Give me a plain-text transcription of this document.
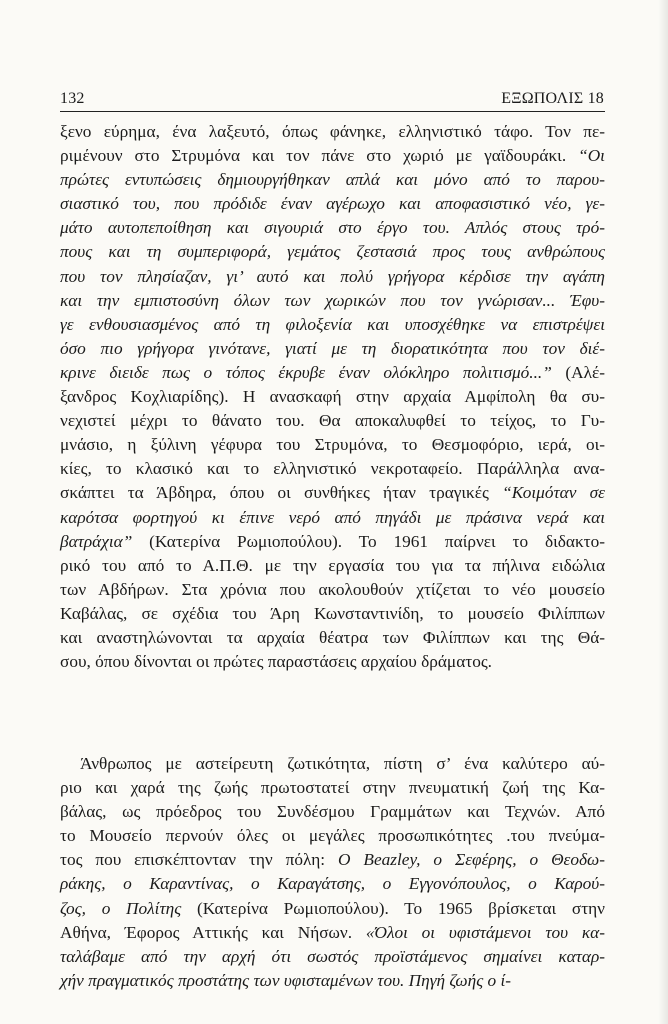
132	ΕΞΩΠΟΛΙΣ 18
ξενο εύρημα, ένα λαξευτό, όπως φάνηκε, ελληνιστικό τάφο. Τον πε-
ριμένουν στο Στρυμόνα και τον πάνε στο χωριό με γαϊδουράκι. “Οι
πρώτες εντυπώσεις δημιουργήθηκαν απλά και μόνο από το παρου-
σιαστικό του, που πρόδιδε έναν αγέρωχο και αποφασιστικό νέο, γε-
μάτο αυτοπεποίθηση και σιγουριά στο έργο του. Απλός στους τρό-
πους και τη συμπεριφορά, γεμάτος ζεστασιά προς τους ανθρώπους
που τον πλησίαζαν, γι’ αυτό και πολύ γρήγορα κέρδισε την αγάπη
και την εμπιστοσύνη όλων των χωρικών που τον γνώρισαν... Έφυ-
γε ενθουσιασμένος από τη φιλοξενία και υποσχέθηκε να επιστρέψει
όσο πιο γρήγορα γινότανε, γιατί με τη διορατικότητα που τον διέ-
κρινε διειδε πως ο τόπος έκρυβε έναν ολόκληρο πολιτισμό...” (Αλέ-
ξανδρος Κοχλιαρίδης). Η ανασκαφή στην αρχαία Αμφίπολη θα συ-
νεχιστεί μέχρι το θάνατο του. Θα αποκαλυφθεί το τείχος, το Γυ-
μνάσιο, η ξύλινη γέφυρα του Στρυμόνα, το Θεσμοφόριο, ιερά, οι-
κίες, το κλασικό και το ελληνιστικό νεκροταφείο. Παράλληλα ανα-
σκάπτει τα Άβδηρα, όπου οι συνθήκες ήταν τραγικές “Κοιμόταν σε
καρότσα φορτηγού κι έπινε νερό από πηγάδι με πράσινα νερά και
βατράχια” (Κατερίνα Ρωμιοπούλου). Το 1961 παίρνει το διδακτο-
ρικό του από το Α.Π.Θ. με την εργασία του για τα πήλινα ειδώλια
των Αβδήρων. Στα χρόνια που ακολουθούν χτίζεται το νέο μουσείο
Καβάλας, σε σχέδια του Άρη Κωνσταντινίδη, το μουσείο Φιλίππων
και αναστηλώνονται τα αρχαία θέατρα των Φιλίππων και της Θά-
σου, όπου δίνονται οι πρώτες παραστάσεις αρχαίου δράματος.
Άνθρωπος με αστείρευτη ζωτικότητα, πίστη σ’ ένα καλύτερο αύ-
ριο και χαρά της ζωής πρωτοστατεί στην πνευματική ζωή της Κα-
βάλας, ως πρόεδρος του Συνδέσμου Γραμμάτων και Τεχνών. Από
το Μουσείο περνούν όλες οι μεγάλες προσωπικότητες .του πνεύμα-
τος που επισκέπτονταν την πόλη: Ο Beazley, ο Σεφέρης, ο Θεοδω-
ράκης, ο Καραντίνας, ο Καραγάτσης, ο Εγγονόπουλος, ο Καρού-
ζος, ο Πολίτης (Κατερίνα Ρωμιοπούλου). Το 1965 βρίσκεται στην
Αθήνα, Έφορος Αττικής και Νήσων. «Όλοι οι υφιστάμενοι του κα-
ταλάβαμε από την αρχή ότι σωστός προϊστάμενος σημαίνει καταρ-
χήν πραγματικός προστάτης των υφισταμένων του. Πηγή ζωής ο ί-
